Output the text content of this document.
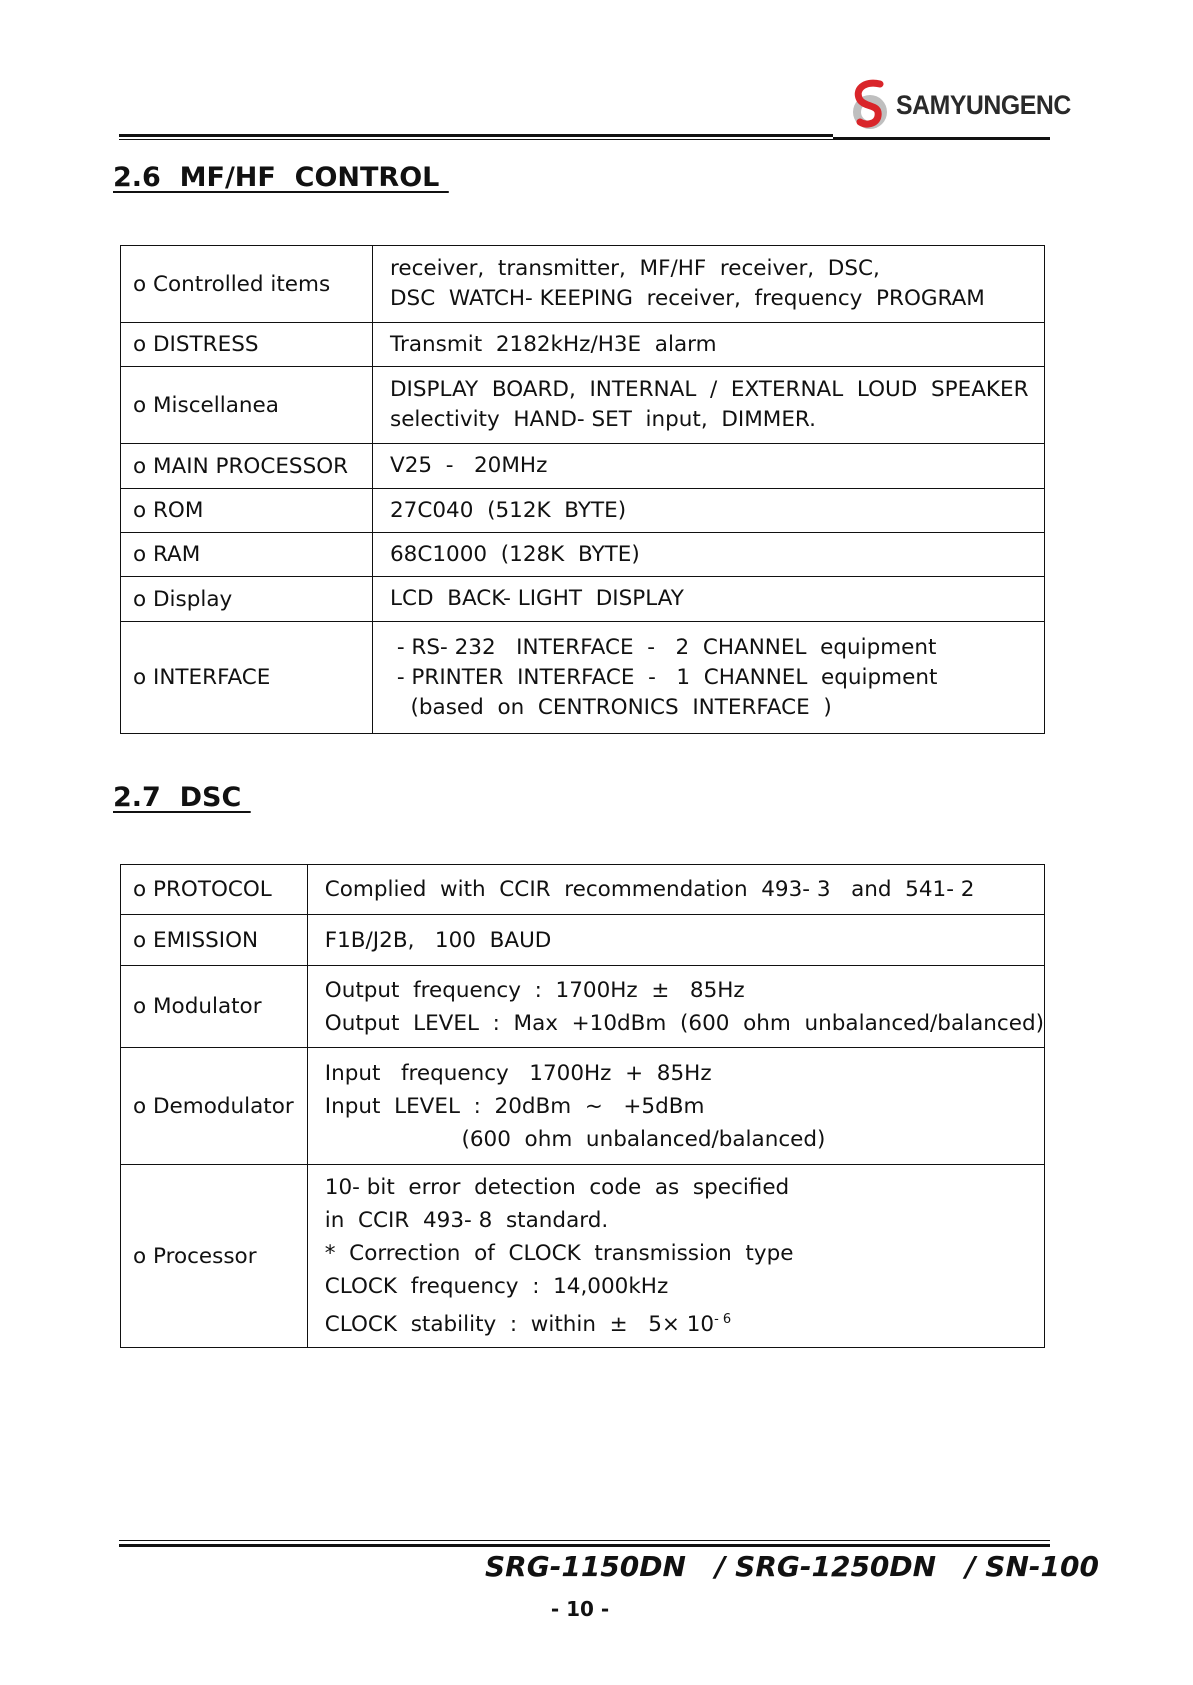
SAMYUNGENC
2.6  MF/HF  CONTROL
o Controlled items	receiver,  transmitter,  MF/HF  receiver,  DSC,
DSC  WATCH- KEEPING  receiver,  frequency  PROGRAM

o DISTRESS	Transmit  2182kHz/H3E  alarm

o Miscellanea	DISPLAY  BOARD,  INTERNAL  /  EXTERNAL  LOUD  SPEAKER
selectivity  HAND- SET  input,  DIMMER.

o MAIN PROCESSOR	V25  -   20MHz

o ROM	27C040  (512K  BYTE)

o RAM	68C1000  (128K  BYTE)

o Display	LCD  BACK- LIGHT  DISPLAY

o INTERFACE	- RS- 232   INTERFACE  -   2  CHANNEL  equipment
- PRINTER  INTERFACE  -   1  CHANNEL  equipment
(based  on  CENTRONICS  INTERFACE  )
2.7  DSC
o PROTOCOL	Complied  with  CCIR  recommendation  493- 3   and  541- 2

o EMISSION	F1B/J2B,   100  BAUD

o Modulator	Output  frequency  :  1700Hz  ±   85Hz
Output  LEVEL  :  Max  +10dBm  (600  ohm  unbalanced/balanced)

o Demodulator	Input   frequency   1700Hz  +  85Hz
Input  LEVEL  :  20dBm  ~   +5dBm
(600  ohm  unbalanced/balanced)

o Processor	10- bit  error  detection  code  as  specified
in  CCIR  493- 8  standard.
*  Correction  of  CLOCK  transmission  type
CLOCK  frequency  :  14,000kHz
CLOCK  stability  :  within  ±   $5\times 10^{- 6}$
SRG-1150DN   / SRG-1250DN   / SN-100
- 10 -
